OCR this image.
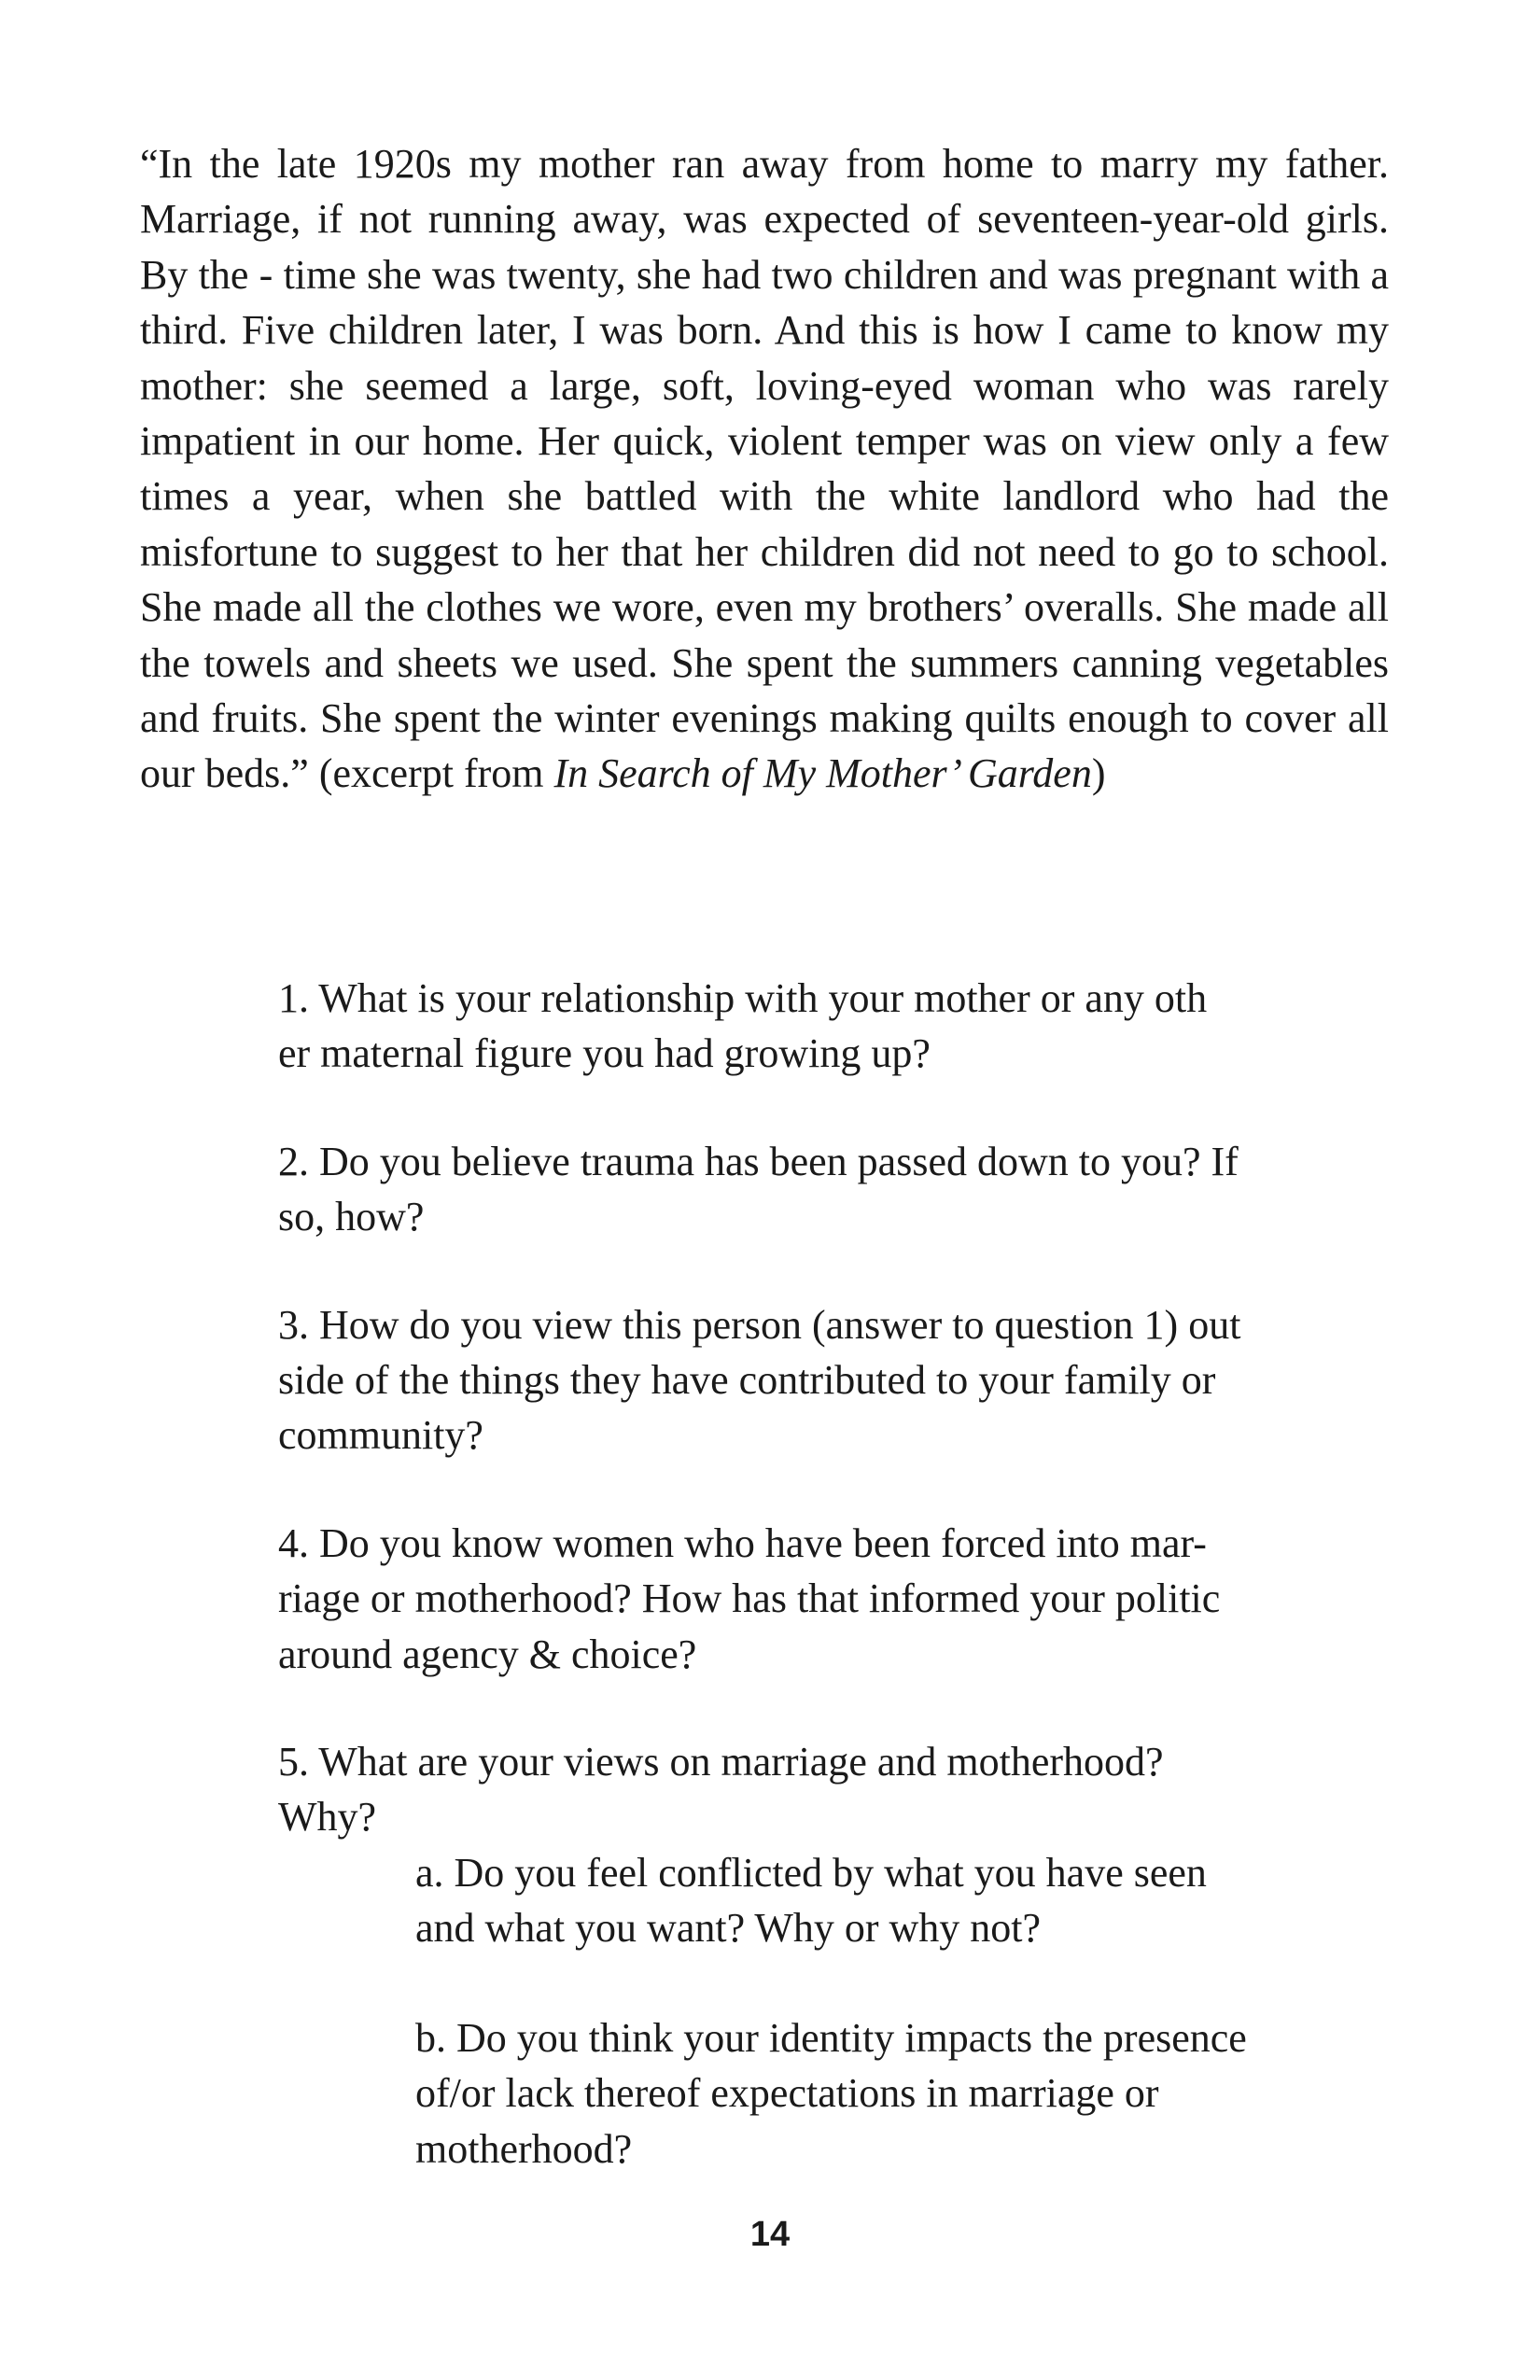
“In the late 1920s my mother ran away from home to marry my father. Marriage, if not running away, was expected of seventeen-year-old girls. By the - time she was twenty, she had two children and was pregnant with a third. Five children later, I was born. And this is how I came to know my mother: she seemed a large, soft, loving-eyed woman who was rarely impatient in our home. Her quick, violent temper was on view only a few times a year, when she battled with the white landlord who had the misfortune to suggest to her that her children did not need to go to school. She made all the clothes we wore, even my brothers’ overalls. She made all the towels and sheets we used. She spent the summers canning vegetables and fruits. She spent the winter evenings making quilts enough to cover all our beds.” (excerpt from In Search of My Mother’ Garden)

1. What is your relationship with your mother or any oth
er maternal figure you had growing up?

2. Do you believe trauma has been passed down to you? If
so, how?

3. How do you view this person (answer to question 1) out
side of the things they have contributed to your family or
community?

4. Do you know women who have been forced into mar-
riage or motherhood? How has that informed your politic
around agency & choice?

5. What are your views on marriage and motherhood?
Why?

a. Do you feel conflicted by what you have seen
and what you want? Why or why not?

b. Do you think your identity impacts the presence
of/or lack thereof expectations in marriage or
motherhood?

14
